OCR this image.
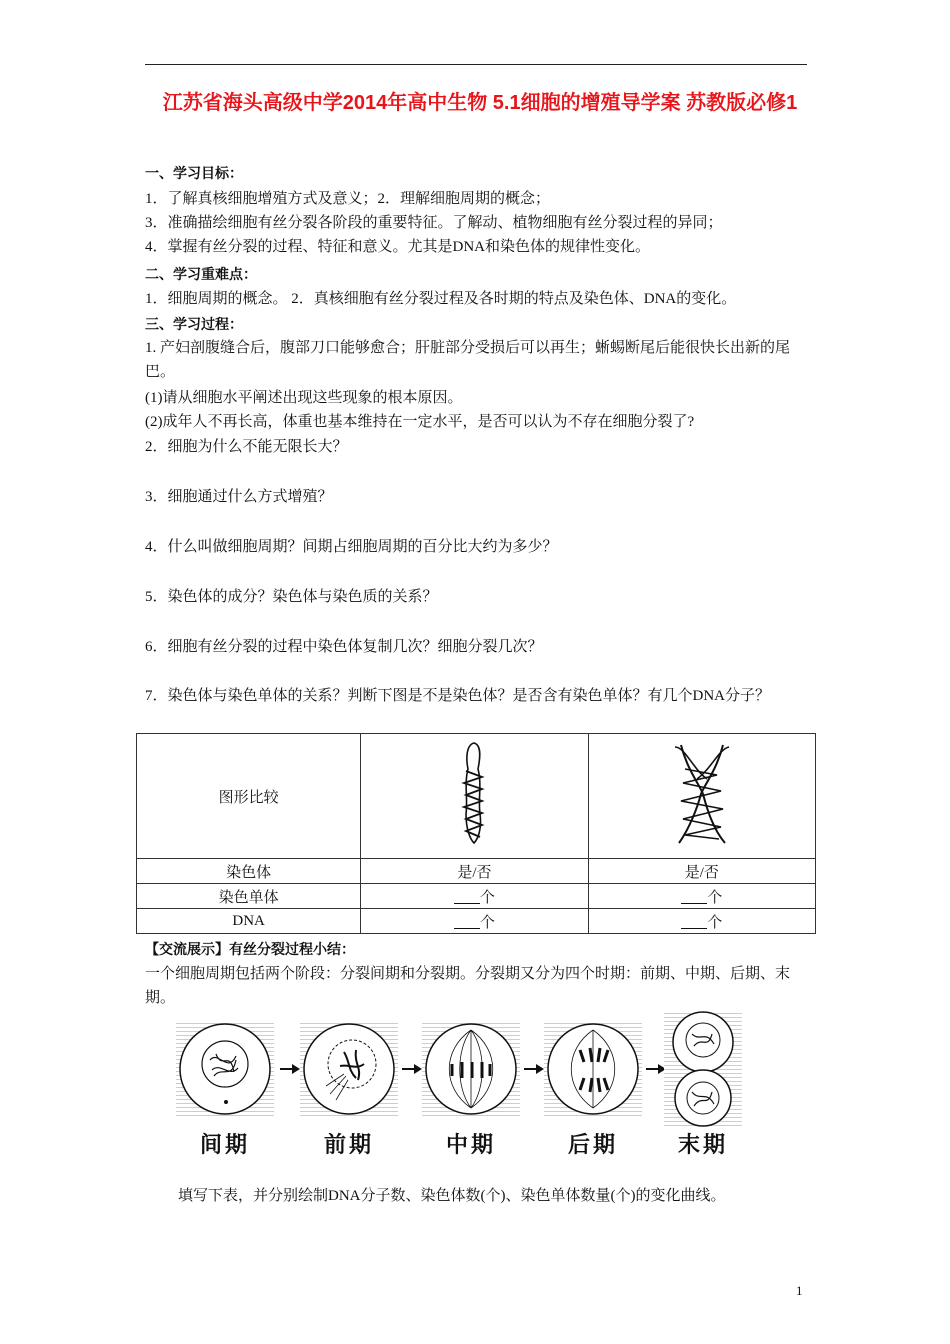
江苏省海头高级中学2014年高中生物 5.1细胞的增殖导学案 苏教版必修1
一、学习目标：
1．了解真核细胞增殖方式及意义；2．理解细胞周期的概念；
3．准确描绘细胞有丝分裂各阶段的重要特征。了解动、植物细胞有丝分裂过程的异同；
4．掌握有丝分裂的过程、特征和意义。尤其是DNA和染色体的规律性变化。
二、学习重难点：
1．细胞周期的概念。 2．真核细胞有丝分裂过程及各时期的特点及染色体、DNA的变化。
三、学习过程：
1. 产妇剖腹缝合后，腹部刀口能够愈合；肝脏部分受损后可以再生；蜥蜴断尾后能很快长出新的尾巴。
(1)请从细胞水平阐述出现这些现象的根本原因。
(2)成年人不再长高，体重也基本维持在一定水平，是否可以认为不存在细胞分裂了?
2．细胞为什么不能无限长大？
3．细胞通过什么方式增殖？
4．什么叫做细胞周期？间期占细胞周期的百分比大约为多少？
5．染色体的成分？染色体与染色质的关系？
6．细胞有丝分裂的过程中染色体复制几次？细胞分裂几次？
7．染色体与染色单体的关系？判断下图是不是染色体？是否含有染色单体？有几个DNA分子？
图形比较		
染色体	是/否	是/否
染色单体	个	个
DNA	个	个
【交流展示】有丝分裂过程小结：
一个细胞周期包括两个阶段：分裂间期和分裂期。分裂期又分为四个时期：前期、中期、后期、末期。
间期	前期	中期	后期	末期
填写下表，并分别绘制DNA分子数、染色体数(个)、染色单体数量(个)的变化曲线。
1
